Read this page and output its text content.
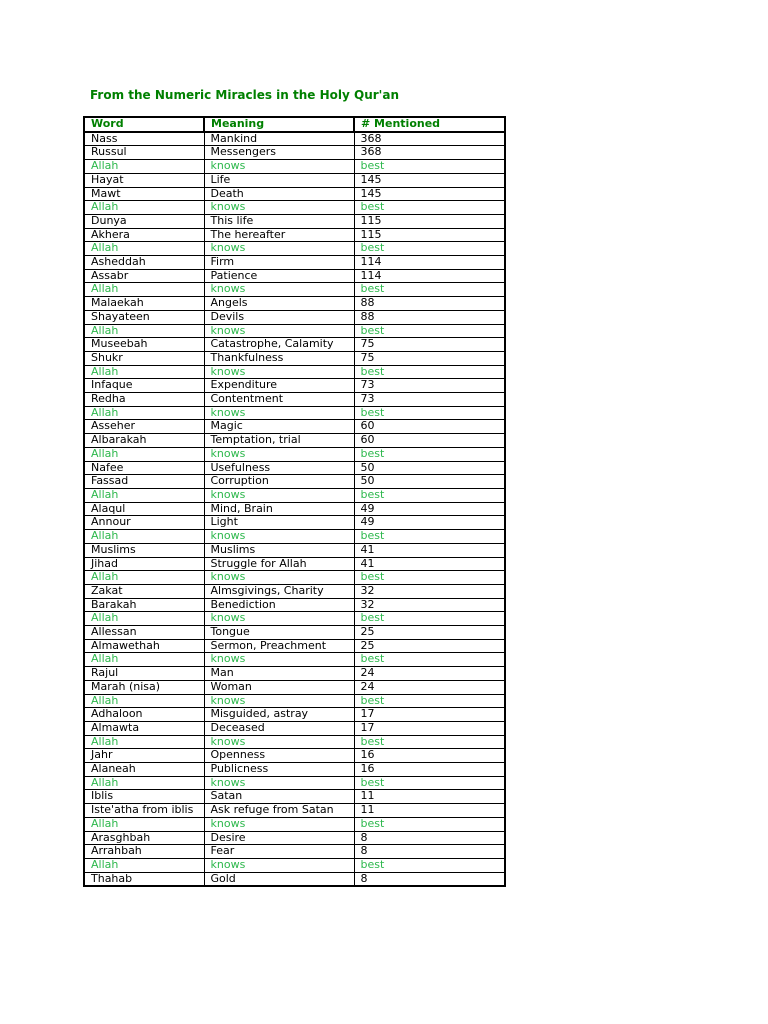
From the Numeric Miracles in the Holy Qur'an
Word	Meaning	# Mentioned
Nass	Mankind	368
Russul	Messengers	368
Allah	knows	best
Hayat	Life	145
Mawt	Death	145
Allah	knows	best
Dunya	This life	115
Akhera	The hereafter	115
Allah	knows	best
Asheddah	Firm	114
Assabr	Patience	114
Allah	knows	best
Malaekah	Angels	88
Shayateen	Devils	88
Allah	knows	best
Museebah	Catastrophe, Calamity	75
Shukr	Thankfulness	75
Allah	knows	best
Infaque	Expenditure	73
Redha	Contentment	73
Allah	knows	best
Asseher	Magic	60
Albarakah	Temptation, trial	60
Allah	knows	best
Nafee	Usefulness	50
Fassad	Corruption	50
Allah	knows	best
Alaqul	Mind, Brain	49
Annour	Light	49
Allah	knows	best
Muslims	Muslims	41
Jihad	Struggle for Allah	41
Allah	knows	best
Zakat	Almsgivings, Charity	32
Barakah	Benediction	32
Allah	knows	best
Allessan	Tongue	25
Almawethah	Sermon, Preachment	25
Allah	knows	best
Rajul	Man	24
Marah (nisa)	Woman	24
Allah	knows	best
Adhaloon	Misguided, astray	17
Almawta	Deceased	17
Allah	knows	best
Jahr	Openness	16
Alaneah	Publicness	16
Allah	knows	best
Iblis	Satan	11
Iste'atha from iblis	Ask refuge from Satan	11
Allah	knows	best
Arasghbah	Desire	8
Arrahbah	Fear	8
Allah	knows	best
Thahab	Gold	8
